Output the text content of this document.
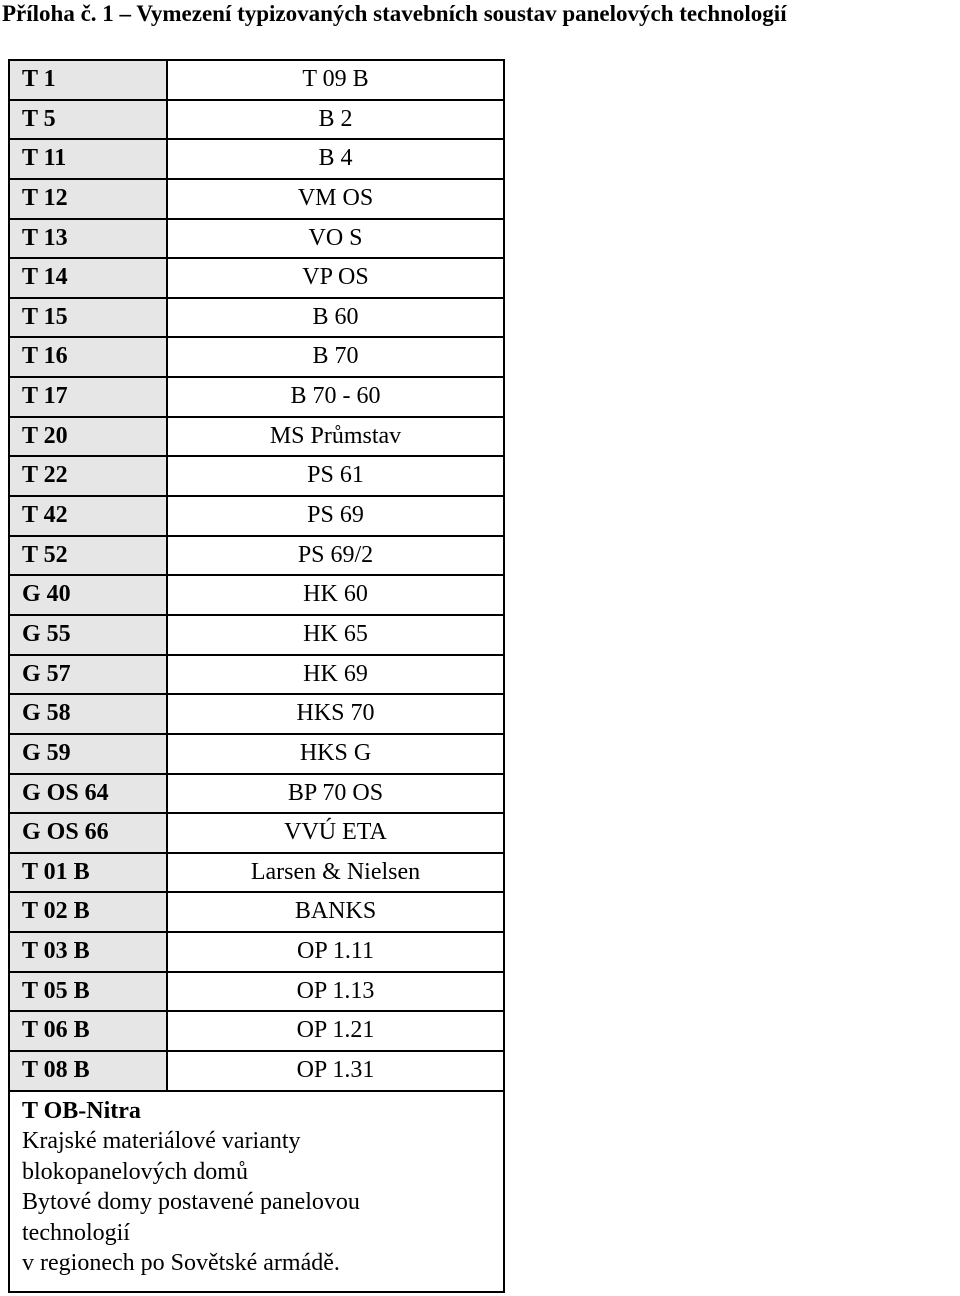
Příloha č. 1 – Vymezení typizovaných stavebních soustav panelových technologií
T 1	T 09 B
T 5	B 2
T 11	B 4
T 12	VM OS
T 13	VO S
T 14	VP OS
T 15	B 60
T 16	B 70
T 17	B 70 - 60
T 20	MS Průmstav
T 22	PS 61
T 42	PS 69
T 52	PS 69/2
G 40	HK 60
G 55	HK 65
G 57	HK 69
G 58	HKS 70
G 59	HKS G
G OS 64	BP 70 OS
G OS 66	VVÚ ETA
T 01 B	Larsen & Nielsen
T 02 B	BANKS
T 03 B	OP 1.11
T 05 B	OP 1.13
T 06 B	OP 1.21
T 08 B	OP 1.31
T OB-Nitra
Krajské materiálové varianty
blokopanelových domů
Bytové domy postavené panelovou
technologií
v regionech po Sovětské armádě.
